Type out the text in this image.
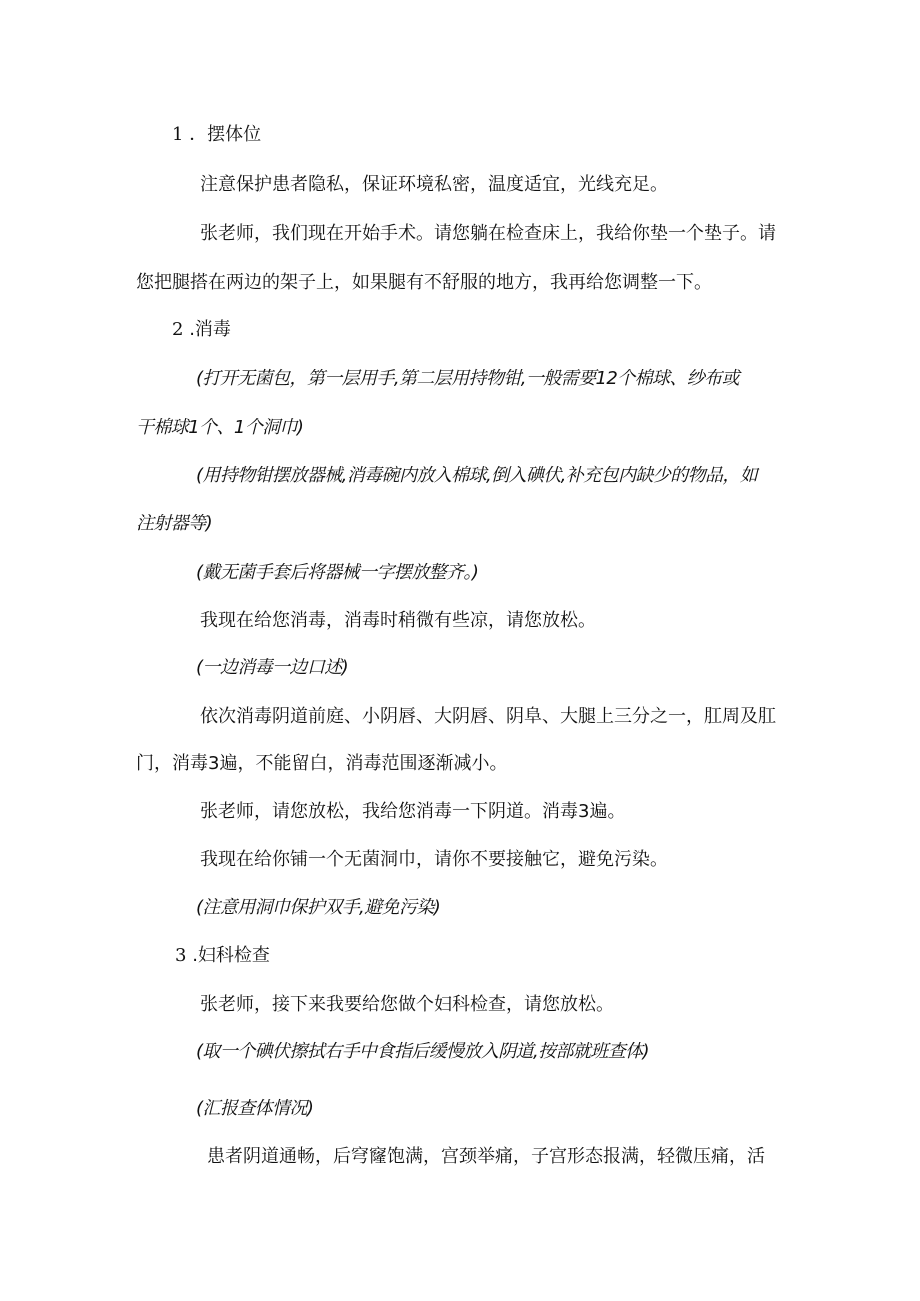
1 ．摆体位
注意保护患者隐私，保证环境私密，温度适宜，光线充足。
张老师，我们现在开始手术。请您躺在检查床上，我给你垫一个垫子。请
您把腿搭在两边的架子上，如果腿有不舒服的地方，我再给您调整一下。
2 .消毒
(打开无菌包，第一层用手,第二层用持物钳,一般需要12个棉球、纱布或
干棉球1个、1个洞巾)
(用持物钳摆放器械,消毒碗内放入棉球,倒入碘伏,补充包内缺少的物品，如
注射器等)
(戴无菌手套后将器械一字摆放整齐。)
我现在给您消毒，消毒时稍微有些凉，请您放松。
(一边消毒一边口述)
依次消毒阴道前庭、小阴唇、大阴唇、阴阜、大腿上三分之一，肛周及肛
门，消毒3遍，不能留白，消毒范围逐渐减小。
张老师，请您放松，我给您消毒一下阴道。消毒3遍。
我现在给你铺一个无菌洞巾，请你不要接触它，避免污染。
(注意用洞巾保护双手,避免污染)
3 .妇科检查
张老师，接下来我要给您做个妇科检查，请您放松。
(取一个碘伏擦拭右手中食指后缓慢放入阴道,按部就班查体)
(汇报查体情况)
患者阴道通畅，后穹窿饱满，宫颈举痛，子宫形态报满，轻微压痛，活
